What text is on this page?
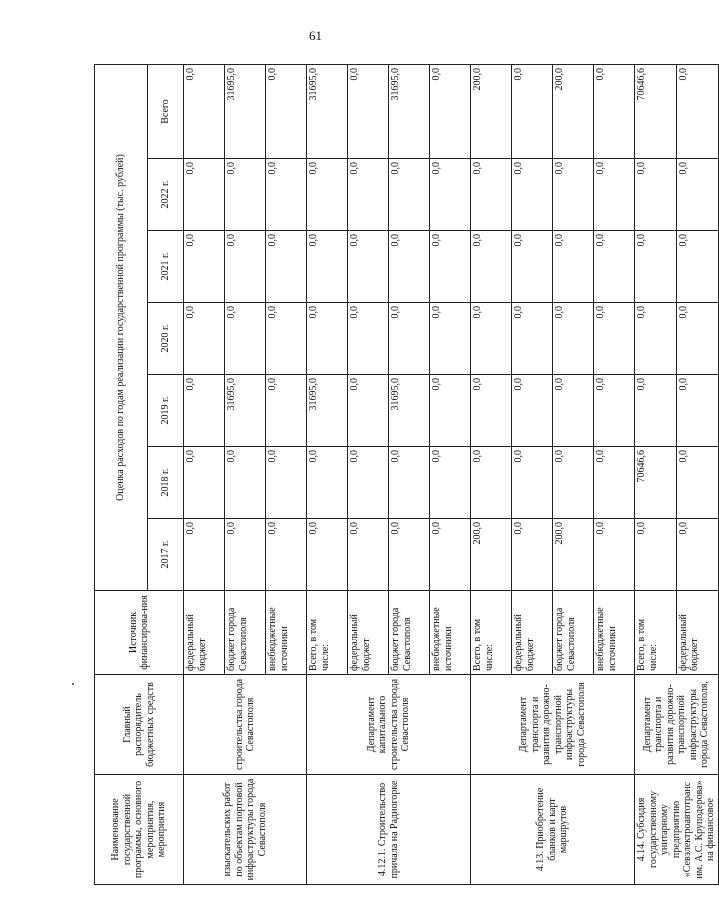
61
Наименование государственной программы, основного мероприятия, мероприятия	Главный распорядитель бюджетных средств	Источник финансирова-ния	Оценка расходов по годам реализации государственной программы (тыс. рублей)						
			2017 г.	2018 г.	2019 г.	2020 г.	2021 г.	2022 г.	Всего
изыскательских работ по объектам портовой инфраструктуры города Севастополя	строительства города Севастополя	федеральный бюджет	0,0	0,0	0,0	0,0	0,0	0,0	0,0
		бюджет города Севастополя	0,0	0,0	31695,0	0,0	0,0	0,0	31695,0
		внебюджетные источники	0,0	0,0	0,0	0,0	0,0	0,0	0,0
4.12.1. Строительство причала на Радиогорке	Департамент капитального строительства города Севастополя	Всего, в том числе:	0,0	0,0	31695,0	0,0	0,0	0,0	31695,0
		федеральный бюджет	0,0	0,0	0,0	0,0	0,0	0,0	0,0
		бюджет города Севастополя	0,0	0,0	31695,0	0,0	0,0	0,0	31695,0
		внебюджетные источники	0,0	0,0	0,0	0,0	0,0	0,0	0,0
4.13. Приобретение бланков и карт маршрутов	Департамент транспорта и развития дорожно-транспортной инфраструктуры города Севастополя	Всего, в том числе:	200,0	0,0	0,0	0,0	0,0	0,0	200,0
		федеральный бюджет	0,0	0,0	0,0	0,0	0,0	0,0	0,0
		бюджет города Севастополя	200,0	0,0	0,0	0,0	0,0	0,0	200,0
		внебюджетные источники	0,0	0,0	0,0	0,0	0,0	0,0	0,0
4.14. Субсидия государственному унитарному предприятию «Севэлектроавтотранс им. А.С. Круподерова» на финансовое	Департамент транспорта и развития дорожно-транспортной инфраструктуры города Севастополя,	Всего, в том числе:	0,0	70646,6	0,0	0,0	0,0	0,0	70646,6
		федеральный бюджет	0,0	0,0	0,0	0,0	0,0	0,0	0,0
